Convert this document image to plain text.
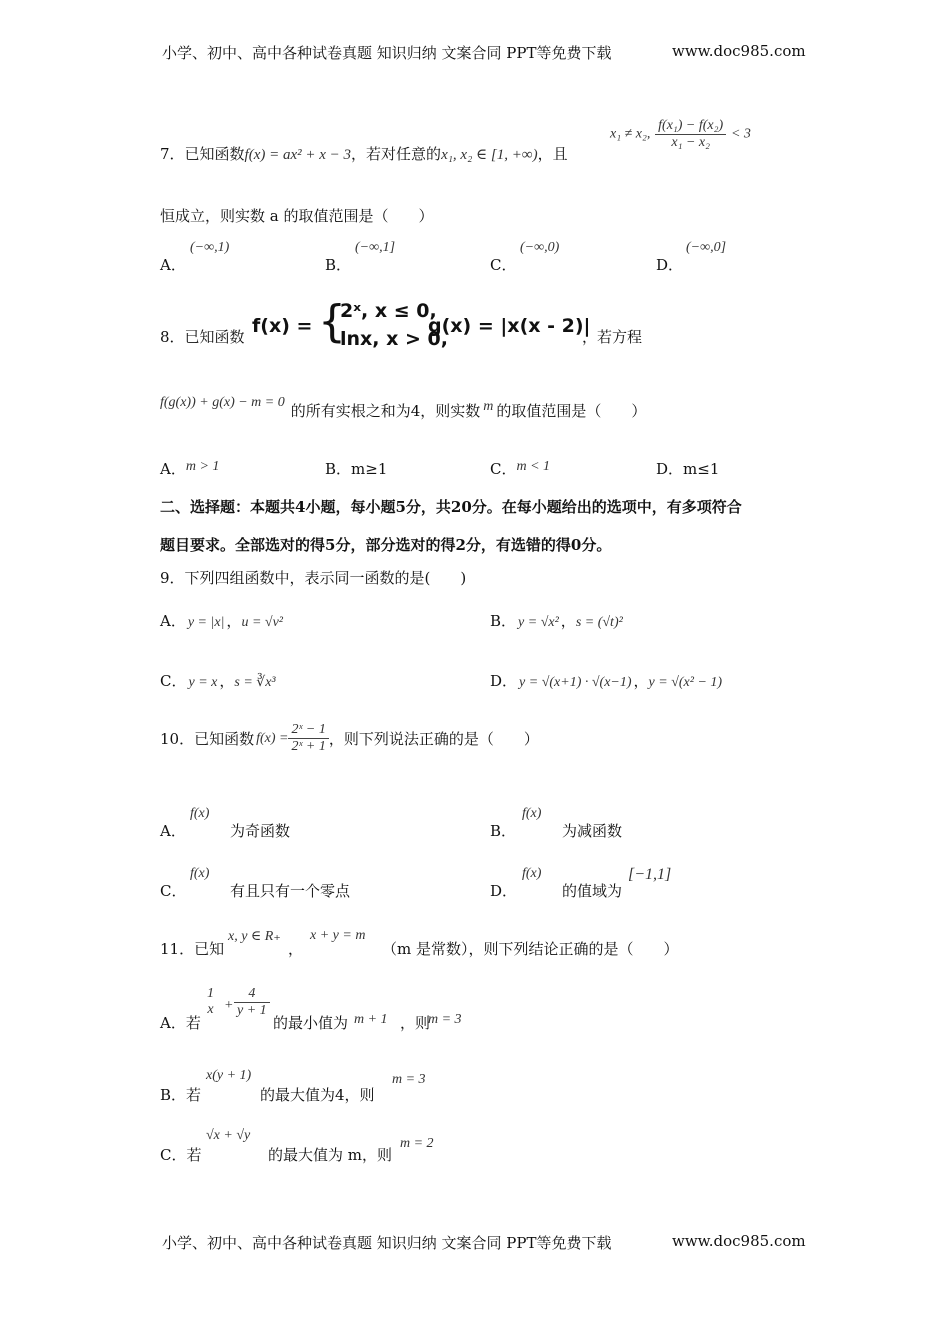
小学、初中、高中各种试卷真题 知识归纳 文案合同 PPT等免费下载	www.doc985.com
7．已知函数f(x) = ax² + x − 3，若对任意的x₁, x₂ ∈ [1, +∞)，且
x₁ ≠ x₂, $\frac{\text{f(x₁) − f(x₂)}}{\text{x₁ − x₂}} < 3$
恒成立，则实数 a 的取值范围是（　　）
A．
(−∞,1)
B．
(−∞,1]
C．
(−∞,0)
D．
(−∞,0]
8．已知函数 f(x) = {
2ˣ, x ≤ 0,
lnx, x > 0,
g(x) = |x(x - 2)|
，若方程
f(g(x)) + g(x) − m = 0 的所有实根之和为4，则实数 m 的取值范围是（　　）
A．m > 1	B．m≥1	C．m < 1	D．m≤1
二、选择题：本题共4小题，每小题5分，共20分。在每小题给出的选项中，有多项符合
题目要求。全部选对的得5分，部分选对的得2分，有选错的得0分。
9．下列四组函数中，表示同一函数的是(　　)
A． y = |x| ，u = √v²	B． y = √x² ，s = (√t)²
C． y = x ，s = ∛x³	D． y = √(x+1) · √(x−1) ，y = √(x² − 1)
10．已知函数 $f(x) = \frac{\text{2ˣ − 1}}{\text{2ˣ + 1}}$ ，则下列说法正确的是（　　）
A．
f(x)
为奇函数	B．
f(x)
为减函数
C．
f(x)
有且只有一个零点	D．
f(x)
的值域为
[−1,1]
11．已知
x, y ∈ R₊
，
x + y = m
（m 是常数），则下列结论正确的是（　　）
A．若
1
$x + \frac{4}{y + 1}$
的最小值为 m + 1 ，则
m = 3
B．若
x(y + 1)
的最大值为4，则
m = 3
C．若
√x + √y
的最大值为 m，则
m = 2
小学、初中、高中各种试卷真题 知识归纳 文案合同 PPT等免费下载	www.doc985.com
